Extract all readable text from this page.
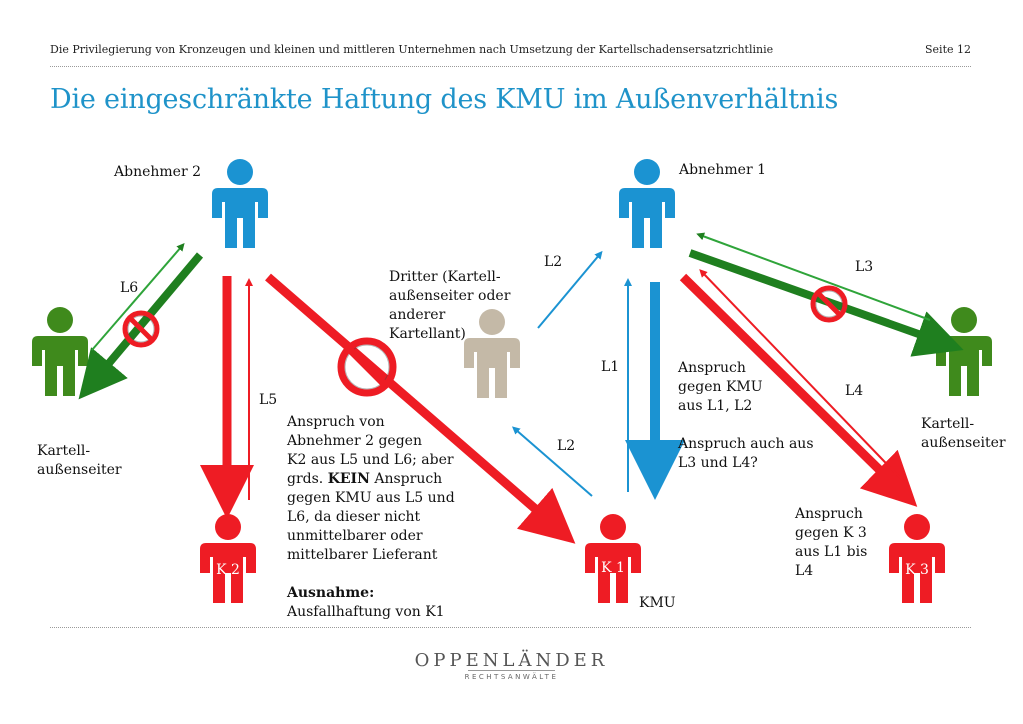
Die Privilegierung von Kronzeugen und kleinen und mittleren Unternehmen nach Umsetzung der Kartellschadensersatzrichtlinie	Seite 12
Die eingeschränkte Haftung des KMU im Außenverhältnis
K 2	K 1	K 3
Abnehmer 2	Abnehmer 1
Kartell-
außenseiter
Kartell-
außenseiter
Dritter (Kartell-
außenseiter oder
anderer
Kartellant)
KMU
L6
L5
L2
L2
L1
L3
L4
Anspruch von
Abnehmer 2 gegen
K2 aus L5 und L6; aber
grds. KEIN Anspruch
gegen KMU aus L5 und
L6, da dieser nicht
unmittelbarer oder
mittelbarer Lieferant
Ausnahme:
Ausfallhaftung von K1
Anspruch
gegen KMU
aus L1, L2
Anspruch auch aus
L3 und L4?
Anspruch
gegen K 3
aus L1 bis
L4
OPPENLÄNDER
RECHTSANWÄLTE
